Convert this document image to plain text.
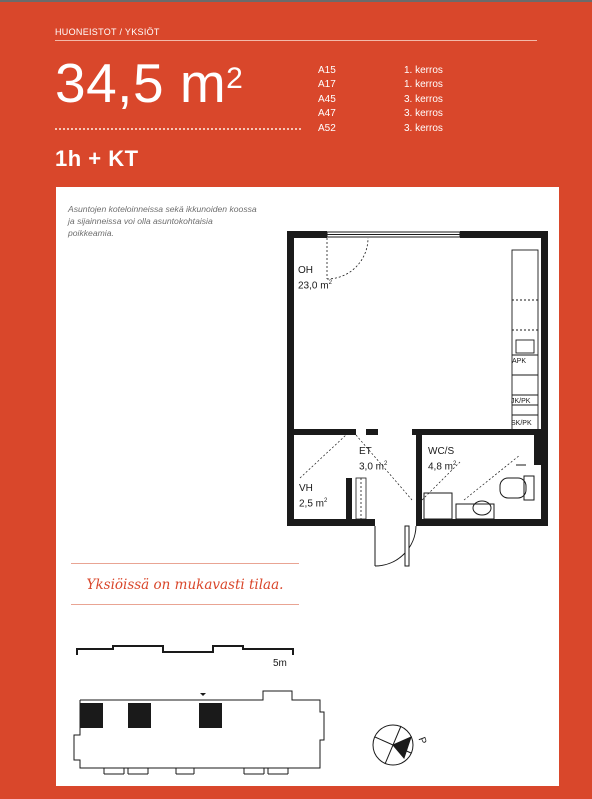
HUONEISTOT / YKSIÖT
34,5 $m^2$	A15	1. kerros
A17	1. kerros
A45	3. kerros
A47	3. kerros
A52	3. kerros
1h + KT
Asuntojen koteloinneissa sekä ikkunoiden koossa ja sijainneissa voi olla asuntokohtaisia poikkeamia.
OH
23,0 $m^2$
ET
3,0 $m^2$
WC/S
4,8 $m^2$
VH
2,5 $m^2$
APK
JK/PK
SK/PK
Yksiöissä on mukavasti tilaa.
5m
P
